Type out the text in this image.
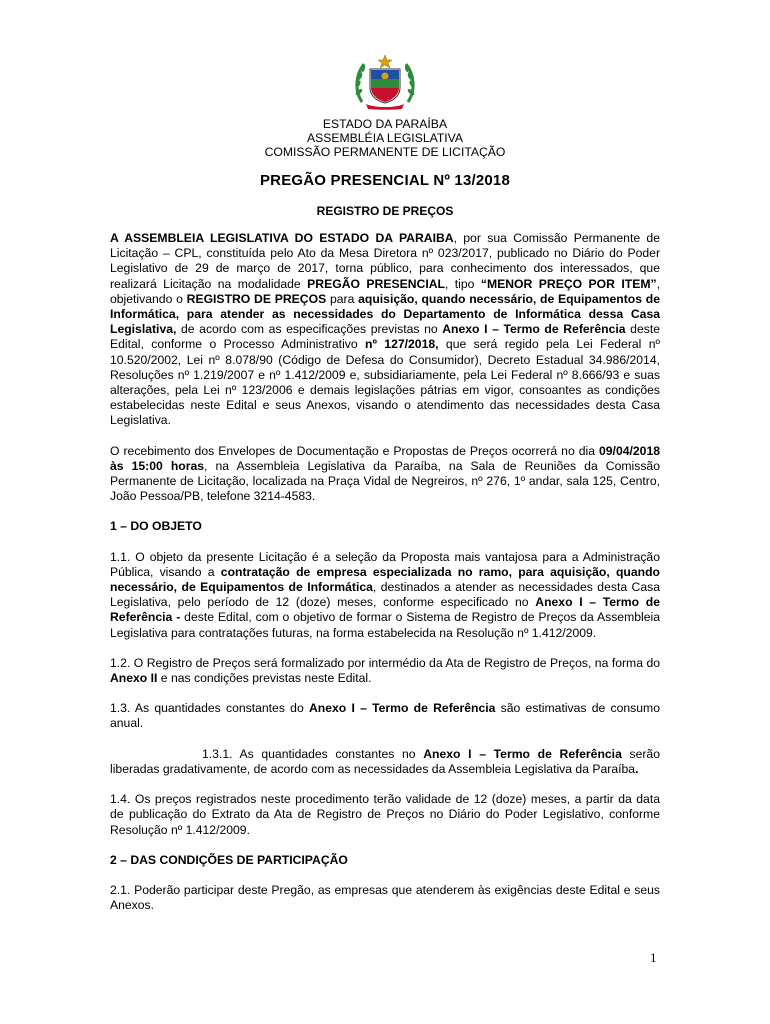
ESTADO DA PARAÍBA
ASSEMBLÉIA LEGISLATIVA
COMISSÃO PERMANENTE DE LICITAÇÃO
PREGÃO PRESENCIAL Nº 13/2018
REGISTRO DE PREÇOS

A ASSEMBLEIA LEGISLATIVA DO ESTADO DA PARAIBA, por sua Comissão Permanente de Licitação – CPL, constituída pelo Ato da Mesa Diretora nº 023/2017, publicado no Diário do Poder Legislativo de 29 de março de 2017, torna público, para conhecimento dos interessados, que realizará Licitação na modalidade PREGÃO PRESENCIAL, tipo “MENOR PREÇO POR ITEM”, objetivando o REGISTRO DE PREÇOS para aquisição, quando necessário, de Equipamentos de Informática, para atender as necessidades do Departamento de Informática dessa Casa Legislativa, de acordo com as especificações previstas no Anexo I – Termo de Referência deste Edital, conforme o Processo Administrativo nº 127/2018, que será regido pela Lei Federal nº 10.520/2002, Lei nº 8.078/90 (Código de Defesa do Consumidor), Decreto Estadual 34.986/2014, Resoluções nº 1.219/2007 e nº 1.412/2009 e, subsidiariamente, pela Lei Federal nº 8.666/93 e suas alterações, pela Lei nº 123/2006 e demais legislações pátrias em vigor, consoantes as condições estabelecidas neste Edital e seus Anexos, visando o atendimento das necessidades desta Casa Legislativa.

O recebimento dos Envelopes de Documentação e Propostas de Preços ocorrerá no dia 09/04/2018 às 15:00 horas, na Assembleia Legislativa da Paraíba, na Sala de Reuniões da Comissão Permanente de Licitação, localizada na Praça Vidal de Negreiros, nº 276, 1º andar, sala 125, Centro, João Pessoa/PB, telefone 3214-4583.

1 – DO OBJETO

1.1. O objeto da presente Licitação é a seleção da Proposta mais vantajosa para a Administração Pública, visando a contratação de empresa especializada no ramo, para aquisição, quando necessário, de Equipamentos de Informática, destinados a atender as necessidades desta Casa Legislativa, pelo período de 12 (doze) meses, conforme especificado no Anexo I – Termo de Referência - deste Edital, com o objetivo de formar o Sistema de Registro de Preços da Assembleia Legislativa para contratações futuras, na forma estabelecida na Resolução nº 1.412/2009.

1.2. O Registro de Preços será formalizado por intermédio da Ata de Registro de Preços, na forma do Anexo II e nas condições previstas neste Edital.

1.3. As quantidades constantes do Anexo I – Termo de Referência são estimativas de consumo anual.

1.3.1. As quantidades constantes no Anexo I – Termo de Referência serão liberadas gradativamente, de acordo com as necessidades da Assembleia Legislativa da Paraíba.

1.4. Os preços registrados neste procedimento terão validade de 12 (doze) meses, a partir da data de publicação do Extrato da Ata de Registro de Preços no Diário do Poder Legislativo, conforme Resolução nº 1.412/2009.

2 – DAS CONDIÇÕES DE PARTICIPAÇÃO

2.1. Poderão participar deste Pregão, as empresas que atenderem às exigências deste Edital e seus Anexos.

1
